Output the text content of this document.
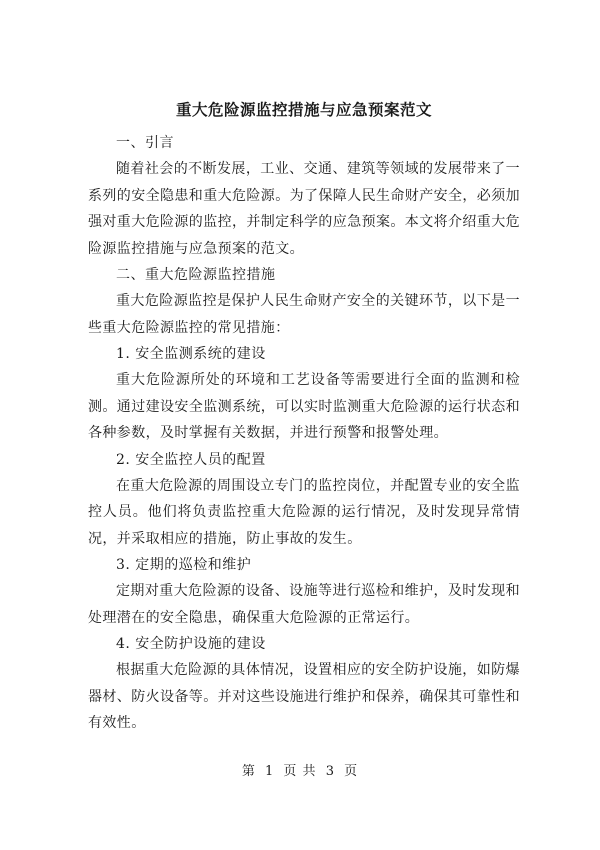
重大危险源监控措施与应急预案范文

一、引言

随着社会的不断发展，工业、交通、建筑等领域的发展带来了一系列的安全隐患和重大危险源。为了保障人民生命财产安全，必须加强对重大危险源的监控，并制定科学的应急预案。本文将介绍重大危险源监控措施与应急预案的范文。

二、重大危险源监控措施

重大危险源监控是保护人民生命财产安全的关键环节，以下是一些重大危险源监控的常见措施：

1. 安全监测系统的建设

重大危险源所处的环境和工艺设备等需要进行全面的监测和检测。通过建设安全监测系统，可以实时监测重大危险源的运行状态和各种参数，及时掌握有关数据，并进行预警和报警处理。

2. 安全监控人员的配置

在重大危险源的周围设立专门的监控岗位，并配置专业的安全监控人员。他们将负责监控重大危险源的运行情况，及时发现异常情况，并采取相应的措施，防止事故的发生。

3. 定期的巡检和维护

定期对重大危险源的设备、设施等进行巡检和维护，及时发现和处理潜在的安全隐患，确保重大危险源的正常运行。

4. 安全防护设施的建设

根据重大危险源的具体情况，设置相应的安全防护设施，如防爆器材、防火设备等。并对这些设施进行维护和保养，确保其可靠性和有效性。

第 1 页 共 3 页
